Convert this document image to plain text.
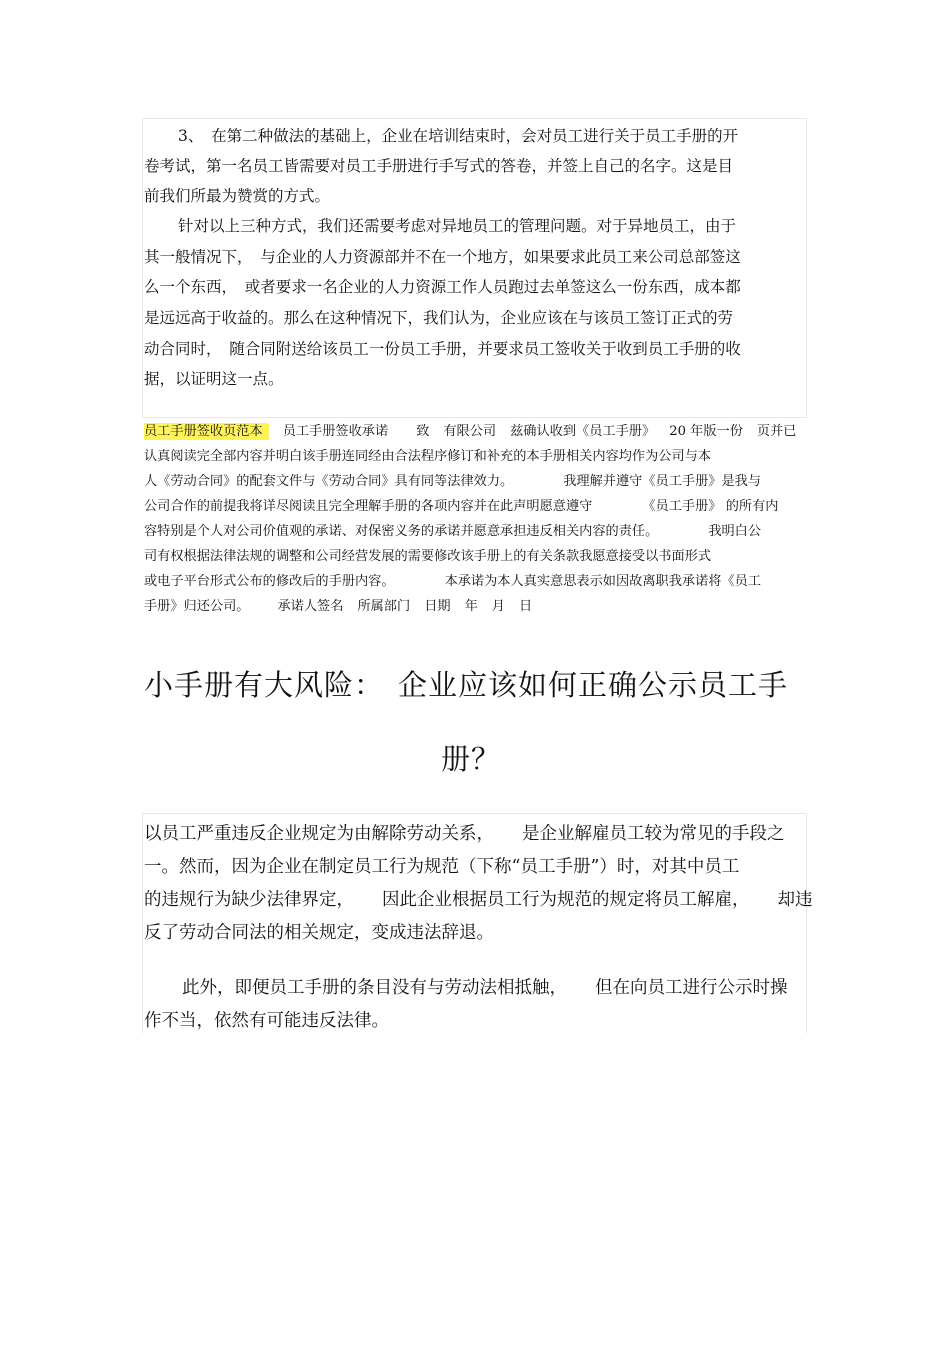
3、　在第二种做法的基础上，企业在培训结束时，会对员工进行关于员工手册的开
卷考试，第一名员工皆需要对员工手册进行手写式的答卷，并签上自己的名字。这是目
前我们所最为赞赏的方式。
针对以上三种方式，我们还需要考虑对异地员工的管理问题。对于异地员工，由于
其一般情况下，　与企业的人力资源部并不在一个地方，如果要求此员工来公司总部签这
么一个东西，　或者要求一名企业的人力资源工作人员跑过去单签这么一份东西，成本都
是远远高于收益的。那么在这种情况下，我们认为，企业应该在与该员工签订正式的劳
动合同时，　随合同附送给该员工一份员工手册，并要求员工签收关于收到员工手册的收
据，以证明这一点。
员工手册签收页范本 员工手册签收承诺 致 有限公司 兹确认收到《员工手册》 20 年版一份 页并已
认真阅读完全部内容并明白该手册连同经由合法程序修订和补充的本手册相关内容均作为公司与本
人《劳动合同》的配套文件与《劳动合同》具有同等法律效力。	我理解并遵守《员工手册》是我与
公司合作的前提我将详尽阅读且完全理解手册的各项内容并在此声明愿意遵守	《员工手册》 的所有内
容特别是个人对公司价值观的承诺、对保密义务的承诺并愿意承担违反相关内容的责任。	我明白公
司有权根据法律法规的调整和公司经营发展的需要修改该手册上的有关条款我愿意接受以书面形式
或电子平台形式公布的修改后的手册内容。	本承诺为本人真实意思表示如因故离职我承诺将《员工
手册》归还公司。 承诺人签名 所属部门 日期 年 月 日
小手册有大风险： 企业应该如何正确公示员工手
册？
以员工严重违反企业规定为由解除劳动关系， 是企业解雇员工较为常见的手段之
一。然而，因为企业在制定员工行为规范（下称“员工手册”）时，对其中员工
的违规行为缺少法律界定， 因此企业根据员工行为规范的规定将员工解雇， 却违
反了劳动合同法的相关规定，变成违法辞退。
此外，即便员工手册的条目没有与劳动法相抵触， 但在向员工进行公示时操
作不当，依然有可能违反法律。
